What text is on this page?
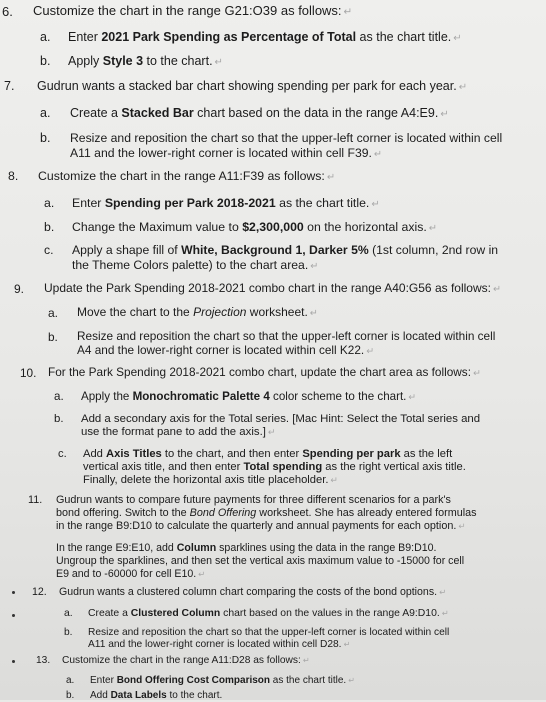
6. Customize the chart in the range G21:O39 as follows: ↵
a. Enter 2021 Park Spending as Percentage of Total as the chart title. ↵
b. Apply Style 3 to the chart. ↵
7. Gudrun wants a stacked bar chart showing spending per park for each year. ↵
a. Create a Stacked Bar chart based on the data in the range A4:E9. ↵
b. Resize and reposition the chart so that the upper-left corner is located within cell
A11 and the lower-right corner is located within cell F39. ↵
8. Customize the chart in the range A11:F39 as follows: ↵
a. Enter Spending per Park 2018-2021 as the chart title. ↵
b. Change the Maximum value to $2,300,000 on the horizontal axis. ↵
c. Apply a shape fill of White, Background 1, Darker 5% (1st column, 2nd row in
the Theme Colors palette) to the chart area. ↵
9. Update the Park Spending 2018-2021 combo chart in the range A40:G56 as follows: ↵
a. Move the chart to the Projection worksheet. ↵
b. Resize and reposition the chart so that the upper-left corner is located within cell
A4 and the lower-right corner is located within cell K22. ↵
10. For the Park Spending 2018-2021 combo chart, update the chart area as follows: ↵
a. Apply the Monochromatic Palette 4 color scheme to the chart. ↵
b. Add a secondary axis for the Total series. [Mac Hint: Select the Total series and
use the format pane to add the axis.] ↵
c. Add Axis Titles to the chart, and then enter Spending per park as the left
vertical axis title, and then enter Total spending as the right vertical axis title.
Finally, delete the horizontal axis title placeholder. ↵
11. Gudrun wants to compare future payments for three different scenarios for a park's
bond offering. Switch to the Bond Offering worksheet. She has already entered formulas
in the range B9:D10 to calculate the quarterly and annual payments for each option. ↵
In the range E9:E10, add Column sparklines using the data in the range B9:D10.
Ungroup the sparklines, and then set the vertical axis maximum value to -15000 for cell
E9 and to -60000 for cell E10. ↵
12. Gudrun wants a clustered column chart comparing the costs of the bond options. ↵
a. Create a Clustered Column chart based on the values in the range A9:D10. ↵
b. Resize and reposition the chart so that the upper-left corner is located within cell
A11 and the lower-right corner is located within cell D28. ↵
13. Customize the chart in the range A11:D28 as follows: ↵
a. Enter Bond Offering Cost Comparison as the chart title. ↵
b. Add Data Labels to the chart.
